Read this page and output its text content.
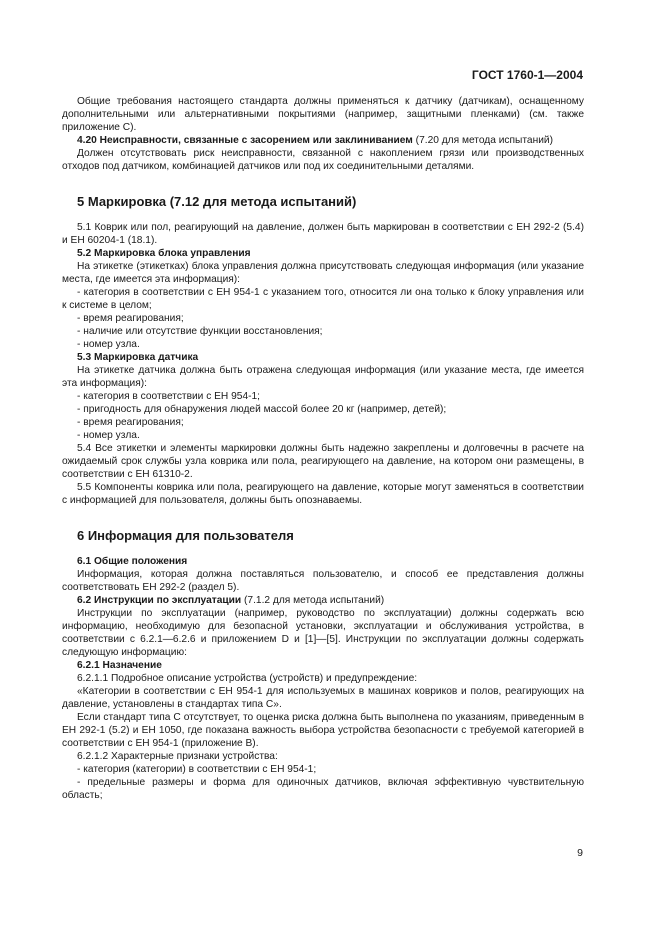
ГОСТ 1760-1—2004

Общие требования настоящего стандарта должны применяться к датчику (датчикам), оснащенному дополнительными или альтернативными покрытиями (например, защитными пленками) (см. также приложение С).

4.20 Неисправности, связанные с засорением или заклиниванием (7.20 для метода испытаний)

Должен отсутствовать риск неисправности, связанной с накоплением грязи или производственных отходов под датчиком, комбинацией датчиков или под их соединительными деталями.

5 Маркировка (7.12 для метода испытаний)

5.1 Коврик или пол, реагирующий на давление, должен быть маркирован в соответствии с ЕН 292-2 (5.4) и ЕН 60204-1 (18.1).

5.2 Маркировка блока управления

На этикетке (этикетках) блока управления должна присутствовать следующая информация (или указание места, где имеется эта информация):

- категория в соответствии с ЕН 954-1 с указанием того, относится ли она только к блоку управления или к системе в целом;

- время реагирования;

- наличие или отсутствие функции восстановления;

- номер узла.

5.3 Маркировка датчика

На этикетке датчика должна быть отражена следующая информация (или указание места, где имеется эта информация):

- категория в соответствии с ЕН 954-1;

- пригодность для обнаружения людей массой более 20 кг (например, детей);

- время реагирования;

- номер узла.

5.4 Все этикетки и элементы маркировки должны быть надежно закреплены и долговечны в расчете на ожидаемый срок службы узла коврика или пола, реагирующего на давление, на котором они размещены, в соответствии с ЕН 61310-2.

5.5 Компоненты коврика или пола, реагирующего на давление, которые могут заменяться в соответствии с информацией для пользователя, должны быть опознаваемы.

6 Информация для пользователя

6.1 Общие положения

Информация, которая должна поставляться пользователю, и способ ее представления должны соответствовать ЕН 292-2 (раздел 5).

6.2 Инструкции по эксплуатации (7.1.2 для метода испытаний)

Инструкции по эксплуатации (например, руководство по эксплуатации) должны содержать всю информацию, необходимую для безопасной установки, эксплуатации и обслуживания устройства, в соответствии с 6.2.1—6.2.6 и приложением D и [1]—[5]. Инструкции по эксплуатации должны содержать следующую информацию:

6.2.1 Назначение

6.2.1.1 Подробное описание устройства (устройств) и предупреждение:

«Категории в соответствии с ЕН 954-1 для используемых в машинах ковриков и полов, реагирующих на давление, установлены в стандартах типа С».

Если стандарт типа С отсутствует, то оценка риска должна быть выполнена по указаниям, приведенным в ЕН 292-1 (5.2) и ЕН 1050, где показана важность выбора устройства безопасности с требуемой категорией в соответствии с ЕН 954-1 (приложение В).

6.2.1.2 Характерные признаки устройства:

- категория (категории) в соответствии с ЕН 954-1;

- предельные размеры и форма для одиночных датчиков, включая эффективную чувствительную область;

9
